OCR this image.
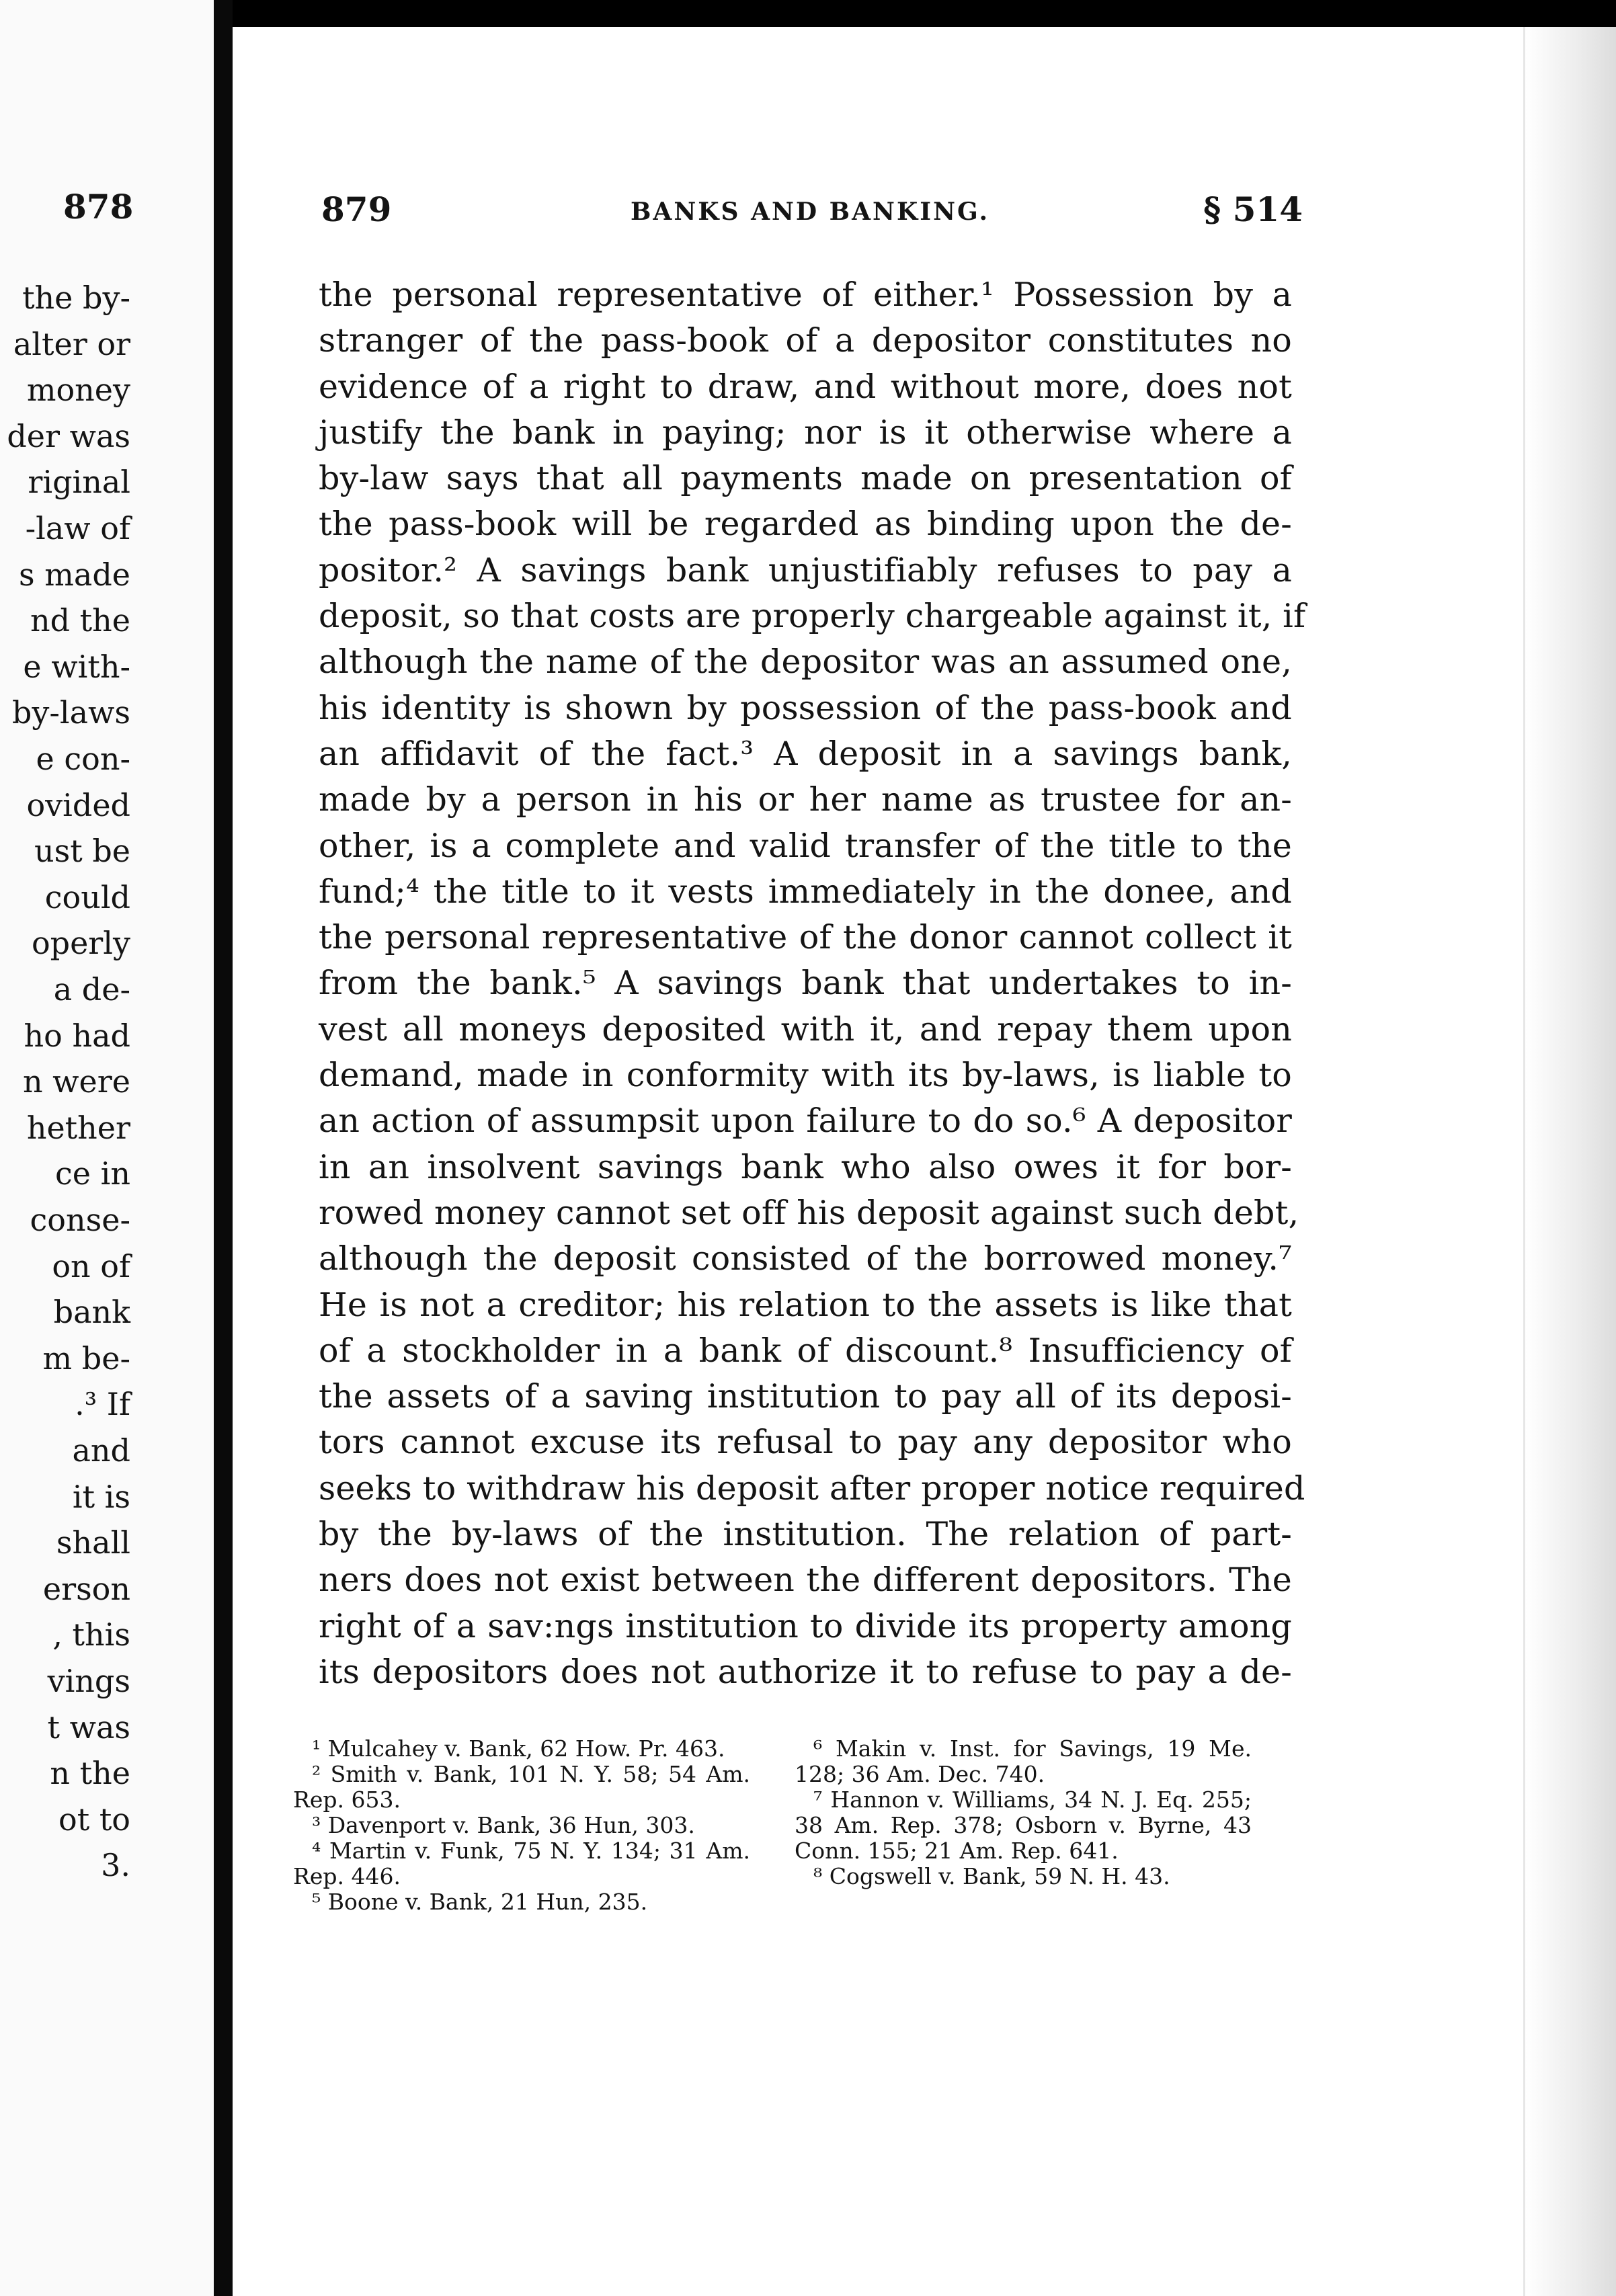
878
the by-
alter or
money
der was
riginal
-law of
s made
nd the
e with-
by-laws
e con-
ovided
ust be
could
operly
a de-
ho had
n were
hether
ce in
conse-
on of
bank
m be-
.³ If
and
it is
shall
erson
, this
vings
t was
n the
ot to
3.
879	BANKS AND BANKING.	§ 514
the personal representative of either.¹ Possession by a
stranger of the pass-book of a depositor constitutes no
evidence of a right to draw, and without more, does not
justify the bank in paying; nor is it otherwise where a
by-law says that all payments made on presentation of
the pass-book will be regarded as binding upon the de-
positor.² A savings bank unjustifiably refuses to pay a
deposit, so that costs are properly chargeable against it, if
although the name of the depositor was an assumed one,
his identity is shown by possession of the pass-book and
an affidavit of the fact.³ A deposit in a savings bank,
made by a person in his or her name as trustee for an-
other, is a complete and valid transfer of the title to the
fund;⁴ the title to it vests immediately in the donee, and
the personal representative of the donor cannot collect it
from the bank.⁵ A savings bank that undertakes to in-
vest all moneys deposited with it, and repay them upon
demand, made in conformity with its by-laws, is liable to
an action of assumpsit upon failure to do so.⁶ A depositor
in an insolvent savings bank who also owes it for bor-
rowed money cannot set off his deposit against such debt,
although the deposit consisted of the borrowed money.⁷
He is not a creditor; his relation to the assets is like that
of a stockholder in a bank of discount.⁸ Insufficiency of
the assets of a saving institution to pay all of its deposi-
tors cannot excuse its refusal to pay any depositor who
seeks to withdraw his deposit after proper notice required
by the by-laws of the institution. The relation of part-
ners does not exist between the different depositors. The
right of a sav:ngs institution to divide its property among
its depositors does not authorize it to refuse to pay a de-
¹ Mulcahey v. Bank, 62 How. Pr. 463.
² Smith v. Bank, 101 N. Y. 58; 54 Am. Rep. 653.
³ Davenport v. Bank, 36 Hun, 303.
⁴ Martin v. Funk, 75 N. Y. 134; 31 Am. Rep. 446.
⁵ Boone v. Bank, 21 Hun, 235.
⁶ Makin v. Inst. for Savings, 19 Me. 128; 36 Am. Dec. 740.
⁷ Hannon v. Williams, 34 N. J. Eq. 255; 38 Am. Rep. 378; Osborn v. Byrne, 43 Conn. 155; 21 Am. Rep. 641.
⁸ Cogswell v. Bank, 59 N. H. 43.
